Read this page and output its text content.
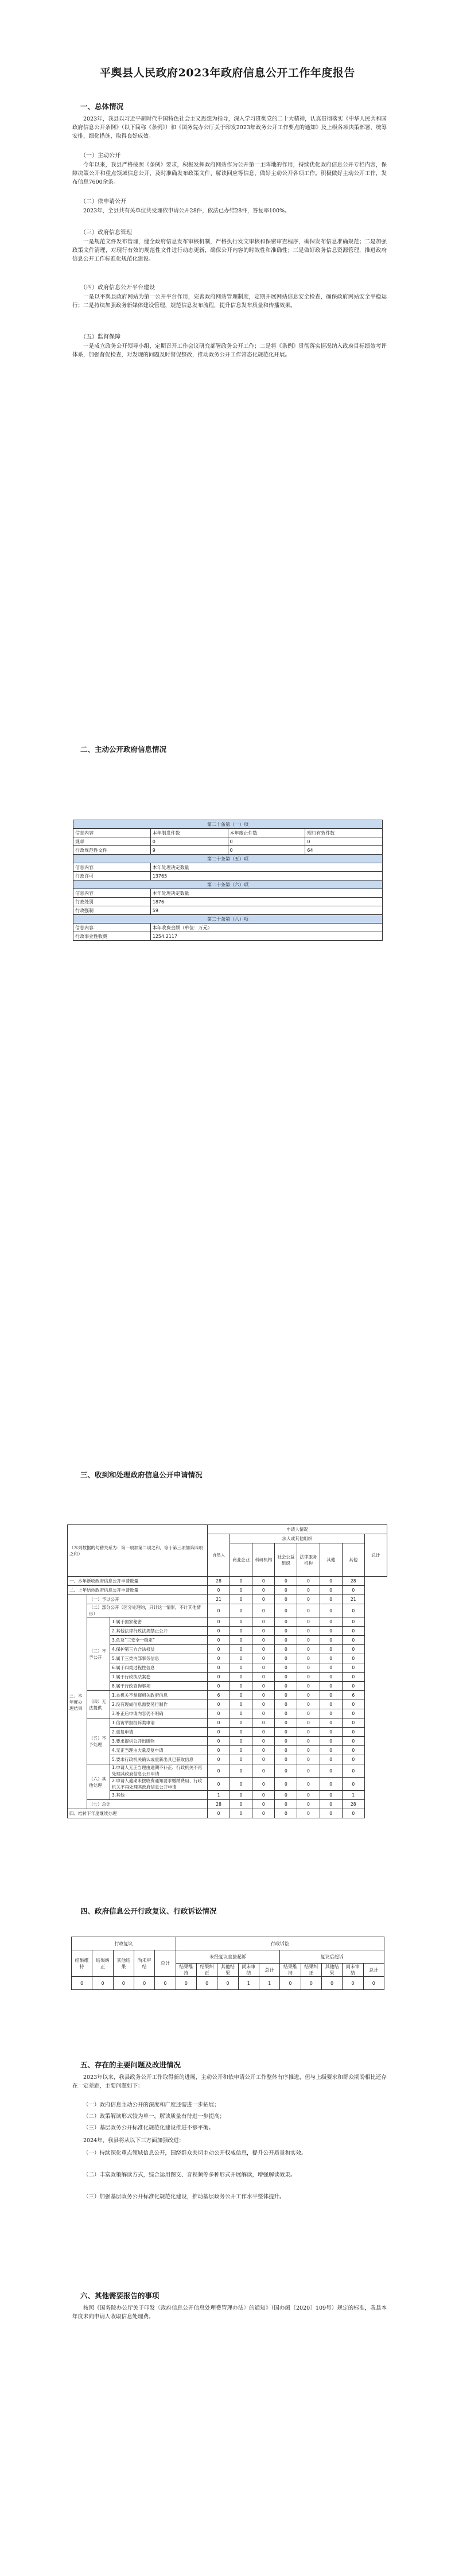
平舆县人民政府2023年政府信息公开工作年度报告
一、总体情况

2023年，我县以习近平新时代中国特色社会主义思想为指导，深入学习贯彻党的二十大精神，认真贯彻落实《中华人民共和国政府信息公开条例》（以下简称《条例》）和《国务院办公厅关于印发2023年政务公开工作要点的通知》及上级各项决策部署，统筹安排，细化措施，取得良好成效。

（一）主动公开

今年以来，我县严格按照《条例》要求，积极发挥政府网站作为公开第一主阵地的作用，持续优化政府信息公开专栏内容，保障决策公开和重点领域信息公开，及时准确发布政策文件、解读回应等信息，做好主动公开各项工作。积极做好主动公开工作，发布信息7600余条。

（二）依申请公开

2023年，全县共有关单位共受理依申请公开28件，依法已办结28件，答复率100%。

（三）政府信息管理

一是规范文件发布管理，健全政府信息发布审核机制，严格执行发文审核和保密审查程序，确保发布信息准确规范；二是加强政策文件清理，对现行有效的规范性文件进行动态更新，确保公开内容的时效性和准确性；三是做好政务信息资源管理，推进政府信息公开工作标准化规范化建设。

（四）政府信息公开平台建设

一是以平舆县政府网站为第一公开平台作用，完善政府网站管理制度，定期开展网站信息安全检查，确保政府网站安全平稳运行；二是持续加强政务新媒体建设管理，规范信息发布流程，提升信息发布质量和传播效果。

（五）监督保障

一是成立政务公开领导小组，定期召开工作会议研究部署政务公开工作；二是将《条例》贯彻落实情况纳入政府目标绩效考评体系，加强督促检查，对发现的问题及时督促整改，推动政务公开工作常态化规范化开展。

二、主动公开政府信息情况
第二十条第（一）项			
信息内容	本年制发件数	本年废止件数	现行有效件数
规章	0	0	0
行政规范性文件	9	0	64
第二十条第（五）项			
信息内容	本年处理决定数量		
行政许可	13765		
第二十条第（六）项			
信息内容	本年处理决定数量		
行政处罚	1876		
行政强制	59		
第二十条第（八）项			
信息内容	本年收费金额（单位：万元）		
行政事业性收费	1254.2117		
三、收到和处理政府信息公开申请情况
（本列数据的勾稽关系为：第一项加第二项之和，等于第三项加第四项之和）			申请人情况							
			自然人	法人或其他组织						总计
				商业企业	科研机构	社会公益组织	法律服务机构	其他	其他	
一、本年新收政府信息公开申请数量			28	0	0	0	0	0	28	
二、上年结转政府信息公开申请数量			0	0	0	0	0	0	0	
三、本年度办理结果	（一）予以公开		21	0	0	0	0	0	21	
	（二）部分公开（区分处理的，只计这一情形，不计其他情形）		0	0	0	0	0	0	0	
	（三）不予公开	1.属于国家秘密	0	0	0	0	0	0	0	
		2.其他法律行政法规禁止公开	0	0	0	0	0	0	0	
		3.危及“三安全一稳定”	0	0	0	0	0	0	0	
		4.保护第三方合法权益	0	0	0	0	0	0	0	
		5.属于三类内部事务信息	0	0	0	0	0	0	0	
		6.属于四类过程性信息	0	0	0	0	0	0	0	
		7.属于行政执法案卷	0	0	0	0	0	0	0	
		8.属于行政查询事项	0	0	0	0	0	0	0	
	（四）无法提供	1.本机关不掌握相关政府信息	6	0	0	0	0	0	6	
		2.没有现成信息需要另行制作	0	0	0	0	0	0	0	
		3.补正后申请内容仍不明确	0	0	0	0	0	0	0	
	（五）不予处理	1.信访举报投诉类申请	0	0	0	0	0	0	0	
		2.重复申请	0	0	0	0	0	0	0	
		3.要求提供公开出版物	0	0	0	0	0	0	0	
		4.无正当理由大量反复申请	0	0	0	0	0	0	0	
		5.要求行政机关确认或重新出具已获取信息	0	0	0	0	0	0	0	
	（六）其他处理	1.申请人无正当理由逾期不补正、行政机关不再处理其政府信息公开申请	0	0	0	0	0	0	0	
		2.申请人逾期未按收费通知要求缴纳费用、行政机关不再处理其政府信息公开申请	0	0	0	0	0	0	0	
		3.其他	1	0	0	0	0	0	1	
	（七）总计		28	0	0	0	0	0	28	
四、结转下年度继续办理			0	0	0	0	0	0	0	
四、政府信息公开行政复议、行政诉讼情况
行政复议					行政诉讼									
结果维持	结果纠正	其他结果	尚未审结	总计	未经复议直接起诉					复议后起诉				
					结果维持	结果纠正	其他结果	尚未审结	总计	结果维持	结果纠正	其他结果	尚未审结	总计
0	0	0	0	0	0	0	0	1	1	0	0	0	0	0
五、存在的主要问题及改进情况

2023年以来，我县政务公开工作取得新的进展，主动公开和依申请公开工作整体有序推进，但与上级要求和群众期盼相比还存在一定差距，主要问题如下：

（一）政府信息主动公开的深度和广度还需进一步拓展；

（二）政策解读形式较为单一，解读质量有待进一步提高；

（三）基层政务公开标准化规范化建设推进不够平衡。

2024年，我县将从以下三方面加强改进：

（一）持续深化重点领域信息公开，围绕群众关切主动公开权威信息，提升公开质量和实效。

（二）丰富政策解读方式，综合运用图文、音视频等多种形式开展解读，增强解读效果。

（三）加强基层政务公开标准化规范化建设，推动基层政务公开工作水平整体提升。

六、其他需要报告的事项

按照《国务院办公厅关于印发〈政府信息公开信息处理费管理办法〉的通知》（国办函〔2020〕109号）规定的标准，我县本年度未向申请人收取信息处理费。
